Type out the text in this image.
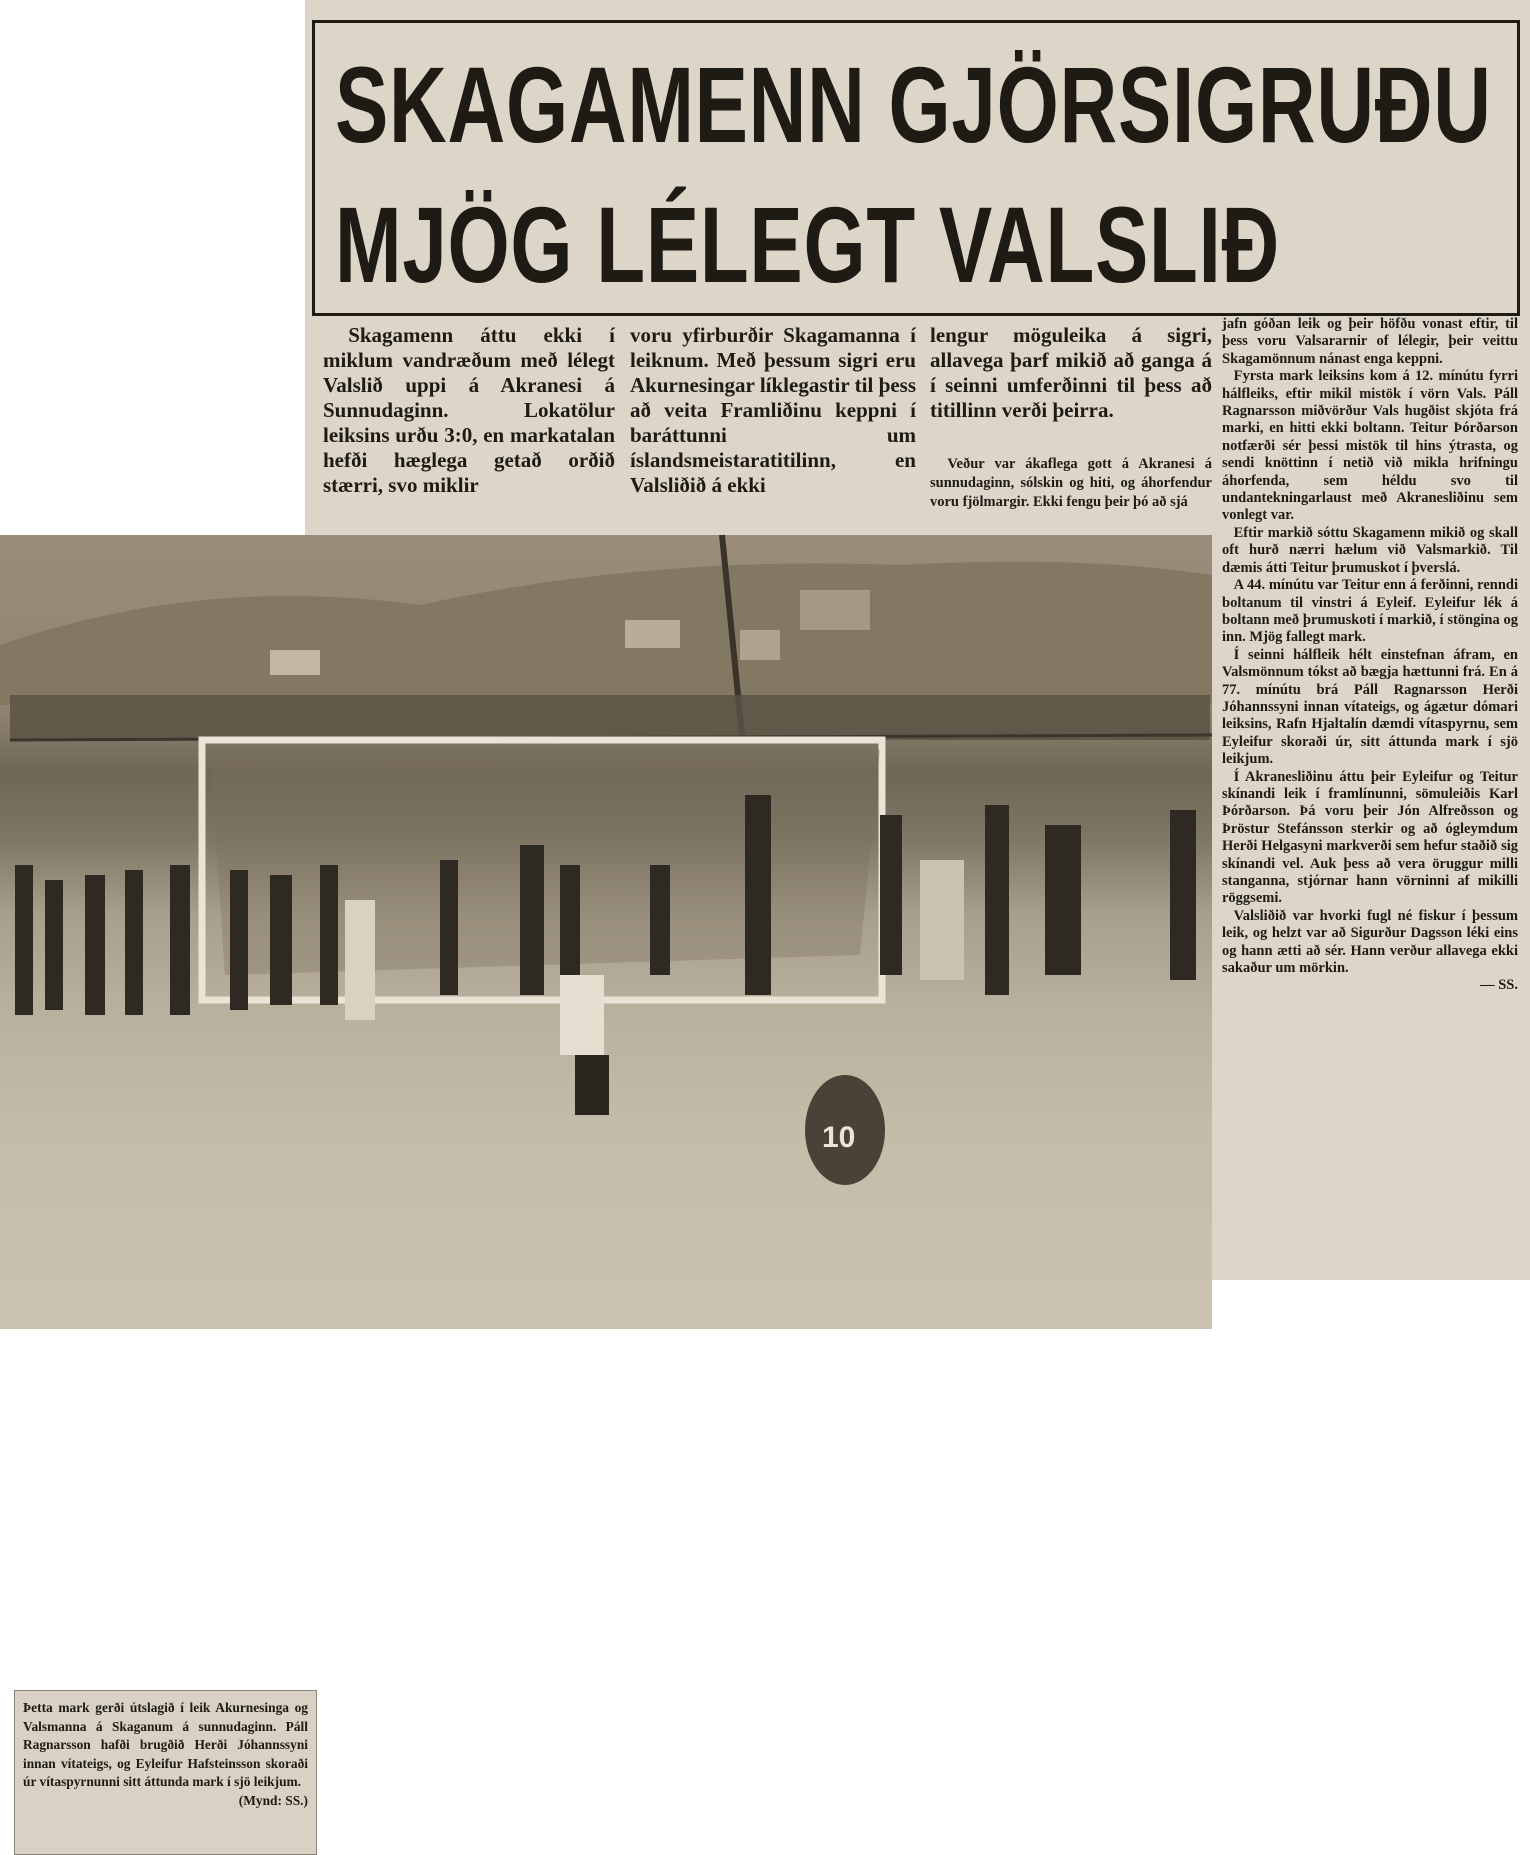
SKAGAMENN GJÖRSIGRUÐU
MJÖG LÉLEGT VALSLIÐ

Skagamenn áttu ekki í miklum vandræðum með lélegt Valslið uppi á Akranesi á Sunnudaginn. Lokatölur leiksins urðu 3:0, en markatalan hefði hæglega getað orðið stærri, svo miklir

voru yfirburðir Skagamanna í leiknum. Með þessum sigri eru Akurnesingar líklegastir til þess að veita Framliðinu keppni í baráttunni um íslandsmeistaratitilinn, en Valsliðið á ekki

lengur möguleika á sigri, allavega þarf mikið að ganga á í seinni umferðinni til þess að titillinn verði þeirra.

Veður var ákaflega gott á Akranesi á sunnudaginn, sólskin og hiti, og áhorfendur voru fjölmargir. Ekki fengu þeir þó að sjá

jafn góðan leik og þeir höfðu vonast eftir, til þess voru Valsararnir of lélegir, þeir veittu Skagamönnum nánast enga keppni.

Fyrsta mark leiksins kom á 12. mínútu fyrri hálfleiks, eftir mikil mistök í vörn Vals. Páll Ragnarsson miðvörður Vals hugðist skjóta frá marki, en hitti ekki boltann. Teitur Þórðarson notfærði sér þessi mistök til hins ýtrasta, og sendi knöttinn í netið við mikla hrifningu áhorfenda, sem héldu svo til undantekningarlaust með Akranesliðinu sem vonlegt var.

Eftir markið sóttu Skagamenn mikið og skall oft hurð nærri hælum við Valsmarkið. Til dæmis átti Teitur þrumuskot í þverslá.

A 44. mínútu var Teitur enn á ferðinni, renndi boltanum til vinstri á Eyleif. Eyleifur lék á boltann með þrumuskoti í markið, í stöngina og inn. Mjög fallegt mark.

Í seinni hálfleik hélt einstefnan áfram, en Valsmönnum tókst að bægja hættunni frá. En á 77. mínútu brá Páll Ragnarsson Herði Jóhannssyni innan vítateigs, og ágætur dómari leiksins, Rafn Hjaltalín dæmdi vítaspyrnu, sem Eyleifur skoraði úr, sitt áttunda mark í sjö leikjum.

Í Akranesliðinu áttu þeir Eyleifur og Teitur skínandi leik í framlínunni, sömuleiðis Karl Þórðarson. Þá voru þeir Jón Alfreðsson og Þröstur Stefánsson sterkir og að ógleymdum Herði Helgasyni markverði sem hefur staðið sig skínandi vel. Auk þess að vera öruggur milli stanganna, stjórnar hann vörninni af mikilli röggsemi.

Valsliðið var hvorki fugl né fiskur í þessum leik, og helzt var að Sigurður Dagsson léki eins og hann ætti að sér. Hann verður allavega ekki sakaður um mörkin.

— SS.

10
Þetta mark gerði útslagið í leik Akurnesinga og Valsmanna á Skaganum á sunnudaginn. Páll Ragnarsson hafði brugðið Herði Jóhannssyni innan vítateigs, og Eyleifur Hafsteinsson skoraði úr vítaspyrnunni sitt áttunda mark í sjö leikjum.
(Mynd: SS.)
